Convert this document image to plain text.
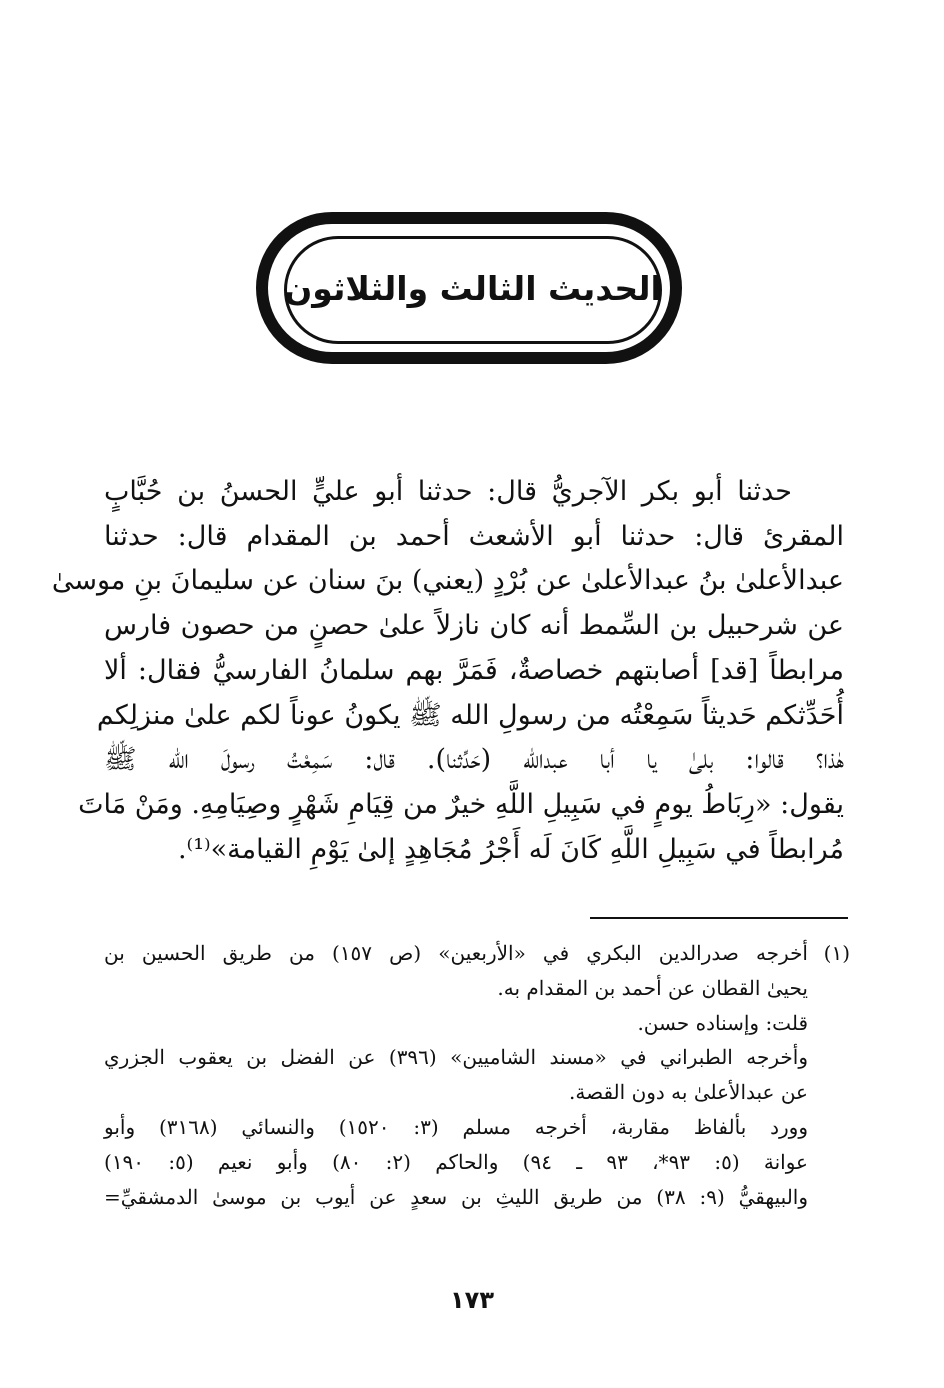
الحديث الثالث والثلاثون
حدثنا أبو بكر الآجريُّ قال: حدثنا أبو عليٍّ الحسنُ بن حُبَّابٍ
المقرئ قال: حدثنا أبو الأشعث أحمد بن المقدام قال: حدثنا
عبدالأعلىٰ بنُ عبدالأعلىٰ عن بُرْدٍ (يعني) بنَ سنان عن سليمانَ بنِ موسىٰ
عن شرحبيل بن السِّمط أنه كان نازلاً علىٰ حصنٍ من حصون فارس
مرابطاً [قد] أصابتهم خصاصةٌ، فَمَرَّ بهم سلمانُ الفارسيُّ فقال: ألا
أُحَدِّثكم حَديثاً سَمِعْتُه من رسولِ الله ﷺ يكونُ عوناً لكم علىٰ منزلِكم
هٰذا؟ قالوا: بلىٰ يا أبا عبدالله (حَدِّثنا). قال: سَمِعْتُ رسولَ الله ﷺ
يقول: «رِبَاطُ يومٍ في سَبِيلِ اللَّهِ خيرٌ من قِيَامِ شَهْرٍ وصِيَامِهِ. ومَنْ مَاتَ
مُرابطاً في سَبِيلِ اللَّهِ كَانَ لَه أَجْرُ مُجَاهِدٍ إلىٰ يَوْمِ القيامة»⁽¹⁾.
(١)أخرجه صدرالدين البكري في «الأربعين» (ص ١٥٧) من طريق الحسين بن
يحيىٰ القطان عن أحمد بن المقدام به.
قلت: وإسناده حسن.
وأخرجه الطبراني في «مسند الشاميين» (٣٩٦) عن الفضل بن يعقوب الجزري
عن عبدالأعلىٰ به دون القصة.
وورد بألفاظ مقاربة، أخرجه مسلم (٣: ١٥٢٠) والنسائي (٣١٦٨) وأبو
عوانة (٥: ٩٣*، ٩٣ ـ ٩٤) والحاكم (٢: ٨٠) وأبو نعيم (٥: ١٩٠)
والبيهقيُّ (٩: ٣٨) من طريق الليثِ بن سعدٍ عن أيوب بن موسىٰ الدمشقيِّ=
١٧٣
